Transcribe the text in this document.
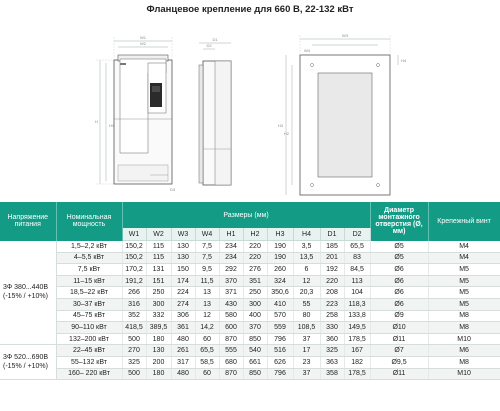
Фланцевое крепление для 660 В, 22-132 кВт
W1
W2
H
H1
D3
D1
D2
W4
W3
H3
H2
H4
Напряжение питания	Номинальная мощность	Размеры (мм)										Диаметр монтажного отверстия (Ø, мм)	Крепежный винт
		W1	W2	W3	W4	H1	H2	H3	H4	D1	D2		

3Ф 380...440В
(-15% / +10%)	1,5–2,2 кВт	150,2	115	130	7,5	234	220	190	3,5	185	65,5	Ø5	M4
	4–5,5 кВт	150,2	115	130	7,5	234	220	190	13,5	201	83	Ø5	M4
	7,5 кВт	170,2	131	150	9,5	292	276	260	6	192	84,5	Ø6	M5
	11–15 кВт	191,2	151	174	11,5	370	351	324	12	220	113	Ø6	M5
	18,5–22 кВт	266	250	224	13	371	250	350,6	20,3	208	104	Ø6	M5
	30–37 кВт	316	300	274	13	430	300	410	55	223	118,3	Ø6	M5
	45–75 кВт	352	332	306	12	580	400	570	80	258	133,8	Ø9	M8
	90–110 кВт	418,5	389,5	361	14,2	600	370	559	108,5	330	149,5	Ø10	M8
	132–200 кВт	500	180	480	60	870	850	796	37	360	178,5	Ø11	M10

3Ф 520...690В
(-15% / +10%)	22–45 кВт	270	130	261	65,5	555	540	516	17	325	167	Ø7	M6
	55–132 кВт	325	200	317	58,5	680	661	626	23	363	182	Ø9,5	M8
	160– 220 кВт	500	180	480	60	870	850	796	37	358	178,5	Ø11	M10
